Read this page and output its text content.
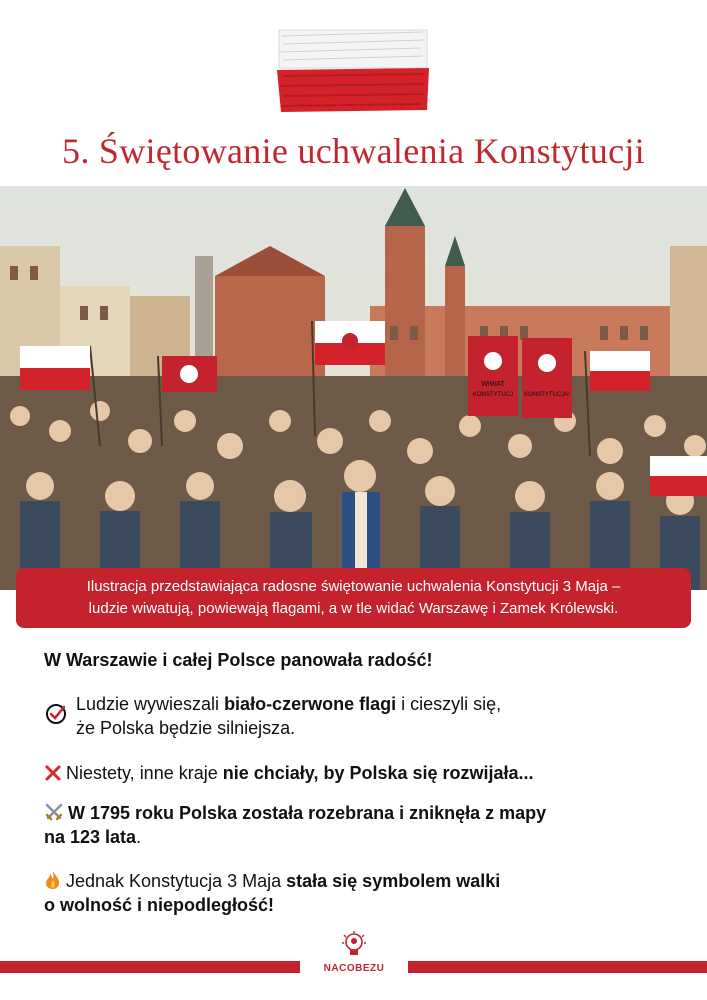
5. Świętowanie uchwalenia Konstytucji
WIWAT
KONSTYTUCJ KONSTYTUCJA!
Ilustracja przedstawiająca radosne świętowanie uchwalenia Konstytucji 3 Maja –
ludzie wiwatują, powiewają flagami, a w tle widać Warszawę i Zamek Królewski.
W Warszawie i całej Polsce panowała radość!
Ludzie wywieszali biało-czerwone flagi i cieszyli się,
że Polska będzie silniejsza.
Niestety, inne kraje nie chciały, by Polska się rozwijała...
W 1795 roku Polska została rozebrana i zniknęła z mapy
na 123 lata.
Jednak Konstytucja 3 Maja stała się symbolem walki
o wolność i niepodległość!
NACOBEZU
